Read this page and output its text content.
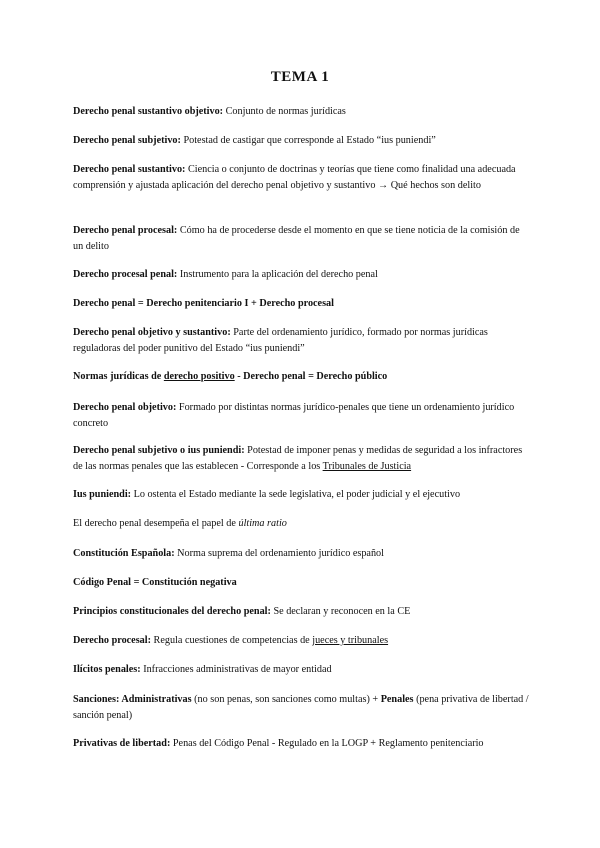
TEMA 1

Derecho penal sustantivo objetivo: Conjunto de normas jurídicas

Derecho penal subjetivo: Potestad de castigar que corresponde al Estado “ius puniendi”

Derecho penal sustantivo: Ciencia o conjunto de doctrinas y teorías que tiene como finalidad una adecuada comprensión y ajustada aplicación del derecho penal objetivo y sustantivo → Qué hechos son delito

Derecho penal procesal: Cómo ha de procederse desde el momento en que se tiene noticia de la comisión de un delito

Derecho procesal penal: Instrumento para la aplicación del derecho penal

Derecho penal = Derecho penitenciario I + Derecho procesal

Derecho penal objetivo y sustantivo: Parte del ordenamiento jurídico, formado por normas jurídicas reguladoras del poder punitivo del Estado “ius puniendi”

Normas jurídicas de derecho positivo - Derecho penal = Derecho público

Derecho penal objetivo: Formado por distintas normas jurídico-penales que tiene un ordenamiento jurídico concreto

Derecho penal subjetivo o ius puniendi: Potestad de imponer penas y medidas de seguridad a los infractores de las normas penales que las establecen - Corresponde a los Tribunales de Justicia

Ius puniendi: Lo ostenta el Estado mediante la sede legislativa, el poder judicial y el ejecutivo

El derecho penal desempeña el papel de última ratio

Constitución Española: Norma suprema del ordenamiento jurídico español

Código Penal = Constitución negativa

Principios constitucionales del derecho penal: Se declaran y reconocen en la CE

Derecho procesal: Regula cuestiones de competencias de jueces y tribunales

Ilícitos penales: Infracciones administrativas de mayor entidad

Sanciones: Administrativas (no son penas, son sanciones como multas) + Penales (pena privativa de libertad / sanción penal)

Privativas de libertad: Penas del Código Penal - Regulado en la LOGP + Reglamento penitenciario
